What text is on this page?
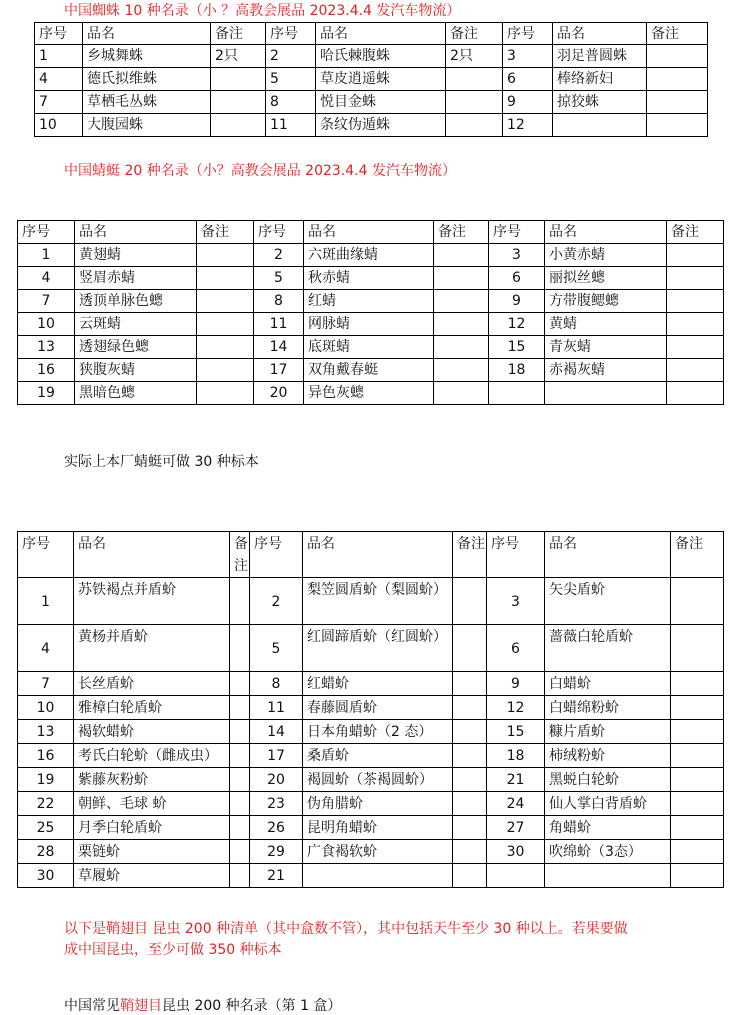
中国蜘蛛 10 种名录（小 ？高教会展品 2023.4.4 发汽车物流）
序号	品名	备注	序号	品名	备注	序号	品名	备注
1	乡城舞蛛	2只	2	哈氏棘腹蛛	2只	3	羽足普圆蛛	
4	德氏拟维蛛		5	草皮逍遥蛛		6	棒络新妇	
7	草栖毛丛蛛		8	悦目金蛛		9	掠狡蛛	
10	大腹园蛛		11	条纹伪遁蛛		12		
中国蜻蜓 20 种名录（小？高教会展品 2023.4.4 发汽车物流）
序号	品名	备注	序号	品名	备注	序号	品名	备注
1	黄翅蜻		2	六斑曲缘蜻		3	小黄赤蜻	
4	竖眉赤蜻		5	秋赤蜻		6	丽拟丝蟌	
7	透顶单脉色蟌		8	红蜻		9	方带腹鳃蟌	
10	云斑蜻		11	网脉蜻		12	黄蜻	
13	透翅绿色蟌		14	底斑蜻		15	青灰蜻	
16	狭腹灰蜻		17	双角戴春蜓		18	赤褐灰蜻	
19	黑暗色蟌		20	异色灰蟌				
实际上本厂蜻蜓可做 30 种标本
序号	品名	备注	序号	品名	备注	序号	品名	备注
1	苏铁褐点并盾蚧		2	梨笠圆盾蚧（梨圆蚧）		3	矢尖盾蚧	
4	黄杨并盾蚧		5	红圆蹄盾蚧（红圆蚧）		6	蔷薇白轮盾蚧	
7	长丝盾蚧		8	红蜡蚧		9	白蜡蚧	
10	雅樟白轮盾蚧		11	春藤圆盾蚧		12	白蜡绵粉蚧	
13	褐软蜡蚧		14	日本角蜡蚧（2 态）		15	糠片盾蚧	
16	考氏白轮蚧（雌成虫）		17	桑盾蚧		18	柿绒粉蚧	
19	紫藤灰粉蚧		20	褐圆蚧（茶褐圆蚧）		21	黑蜕白轮蚧	
22	朝鲜、毛球 蚧		23	伪角腊蚧		24	仙人掌白背盾蚧	
25	月季白轮盾蚧		26	昆明角蜡蚧		27	角蜡蚧	
28	栗链蚧		29	广食褐软蚧		30	吹绵蚧（3态）	
30	草履蚧		21					
以下是鞘翅目 昆虫 200 种清单（其中盒数不管），其中包括天牛至少 30 种以上。若果要做
成中国昆虫，至少可做 350 种标本
中国常见鞘翅目昆虫 200 种名录（第 1 盒）
